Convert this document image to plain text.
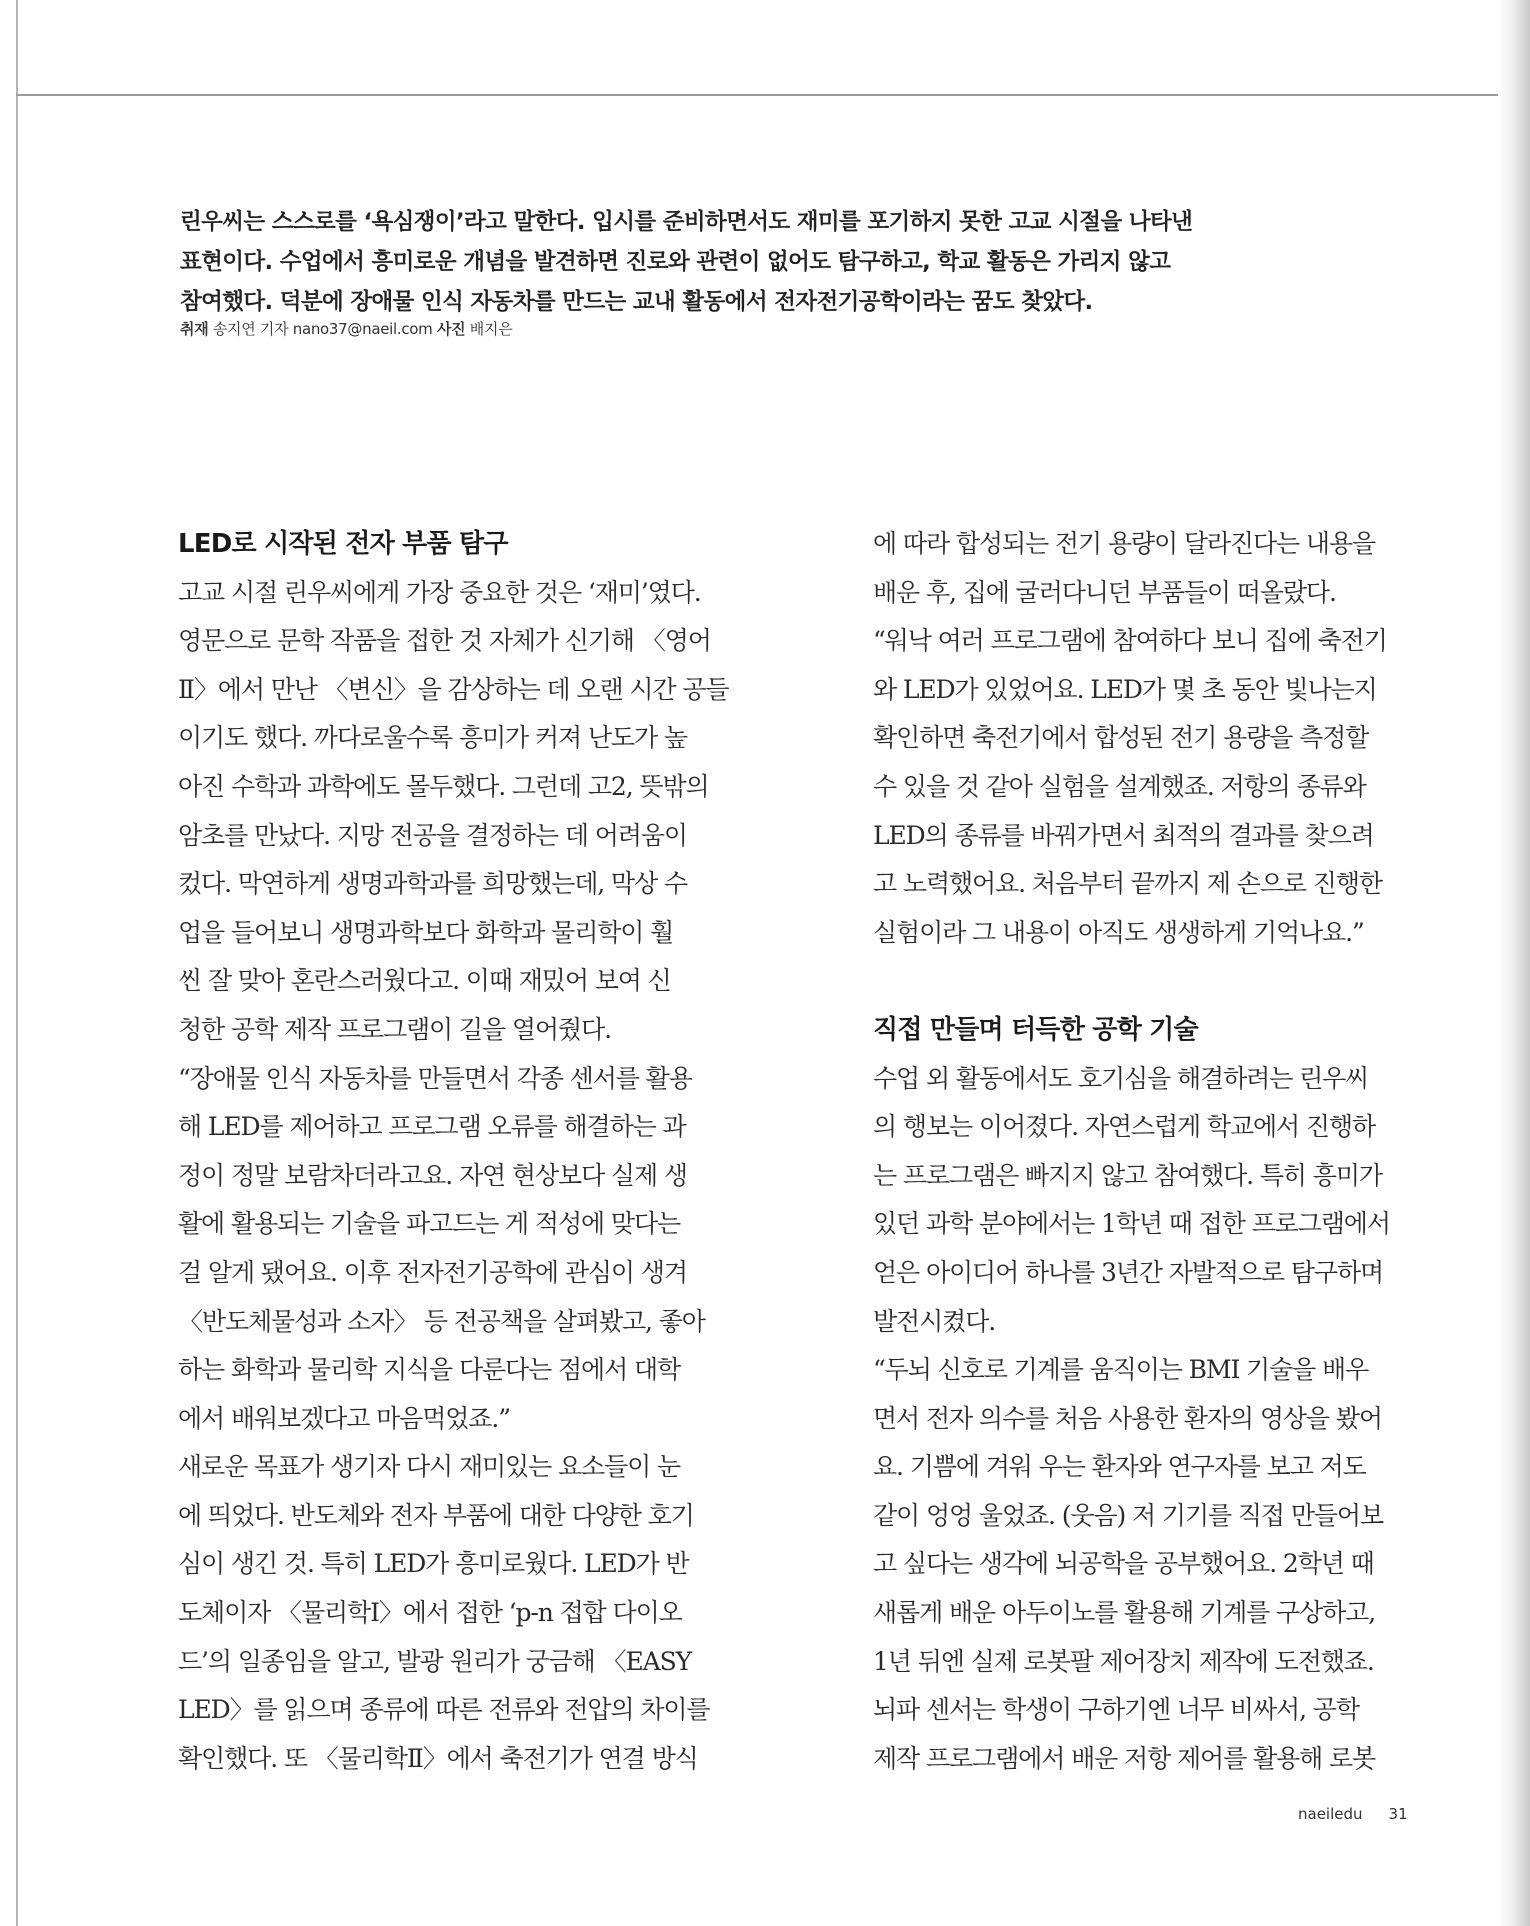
린우씨는 스스로를 ‘욕심쟁이’라고 말한다. 입시를 준비하면서도 재미를 포기하지 못한 고교 시절을 나타낸

표현이다. 수업에서 흥미로운 개념을 발견하면 진로와 관련이 없어도 탐구하고, 학교 활동은 가리지 않고

참여했다. 덕분에 장애물 인식 자동차를 만드는 교내 활동에서 전자전기공학이라는 꿈도 찾았다.

취재 송지연 기자 nano37@naeil.com 사진 배지은
LED로 시작된 전자 부품 탐구
고교 시절 린우씨에게 가장 중요한 것은 ‘재미’였다.
영문으로 문학 작품을 접한 것 자체가 신기해 〈영어
Ⅱ〉에서 만난 〈변신〉을 감상하는 데 오랜 시간 공들
이기도 했다. 까다로울수록 흥미가 커져 난도가 높
아진 수학과 과학에도 몰두했다. 그런데 고2, 뜻밖의
암초를 만났다. 지망 전공을 결정하는 데 어려움이
컸다. 막연하게 생명과학과를 희망했는데, 막상 수
업을 들어보니 생명과학보다 화학과 물리학이 훨
씬 잘 맞아 혼란스러웠다고. 이때 재밌어 보여 신
청한 공학 제작 프로그램이 길을 열어줬다.
“장애물 인식 자동차를 만들면서 각종 센서를 활용
해 LED를 제어하고 프로그램 오류를 해결하는 과
정이 정말 보람차더라고요. 자연 현상보다 실제 생
활에 활용되는 기술을 파고드는 게 적성에 맞다는
걸 알게 됐어요. 이후 전자전기공학에 관심이 생겨
〈반도체물성과 소자〉 등 전공책을 살펴봤고, 좋아
하는 화학과 물리학 지식을 다룬다는 점에서 대학
에서 배워보겠다고 마음먹었죠.”
새로운 목표가 생기자 다시 재미있는 요소들이 눈
에 띄었다. 반도체와 전자 부품에 대한 다양한 호기
심이 생긴 것. 특히 LED가 흥미로웠다. LED가 반
도체이자 〈물리학Ⅰ〉에서 접한 ‘p-n 접합 다이오
드’의 일종임을 알고, 발광 원리가 궁금해 〈EASY
LED〉를 읽으며 종류에 따른 전류와 전압의 차이를
확인했다. 또 〈물리학Ⅱ〉에서 축전기가 연결 방식
에 따라 합성되는 전기 용량이 달라진다는 내용을
배운 후, 집에 굴러다니던 부품들이 떠올랐다.
“워낙 여러 프로그램에 참여하다 보니 집에 축전기
와 LED가 있었어요. LED가 몇 초 동안 빛나는지
확인하면 축전기에서 합성된 전기 용량을 측정할
수 있을 것 같아 실험을 설계했죠. 저항의 종류와
LED의 종류를 바꿔가면서 최적의 결과를 찾으려
고 노력했어요. 처음부터 끝까지 제 손으로 진행한
실험이라 그 내용이 아직도 생생하게 기억나요.”
직접 만들며 터득한 공학 기술
수업 외 활동에서도 호기심을 해결하려는 린우씨
의 행보는 이어졌다. 자연스럽게 학교에서 진행하
는 프로그램은 빠지지 않고 참여했다. 특히 흥미가
있던 과학 분야에서는 1학년 때 접한 프로그램에서
얻은 아이디어 하나를 3년간 자발적으로 탐구하며
발전시켰다.
“두뇌 신호로 기계를 움직이는 BMI 기술을 배우
면서 전자 의수를 처음 사용한 환자의 영상을 봤어
요. 기쁨에 겨워 우는 환자와 연구자를 보고 저도
같이 엉엉 울었죠. (웃음) 저 기기를 직접 만들어보
고 싶다는 생각에 뇌공학을 공부했어요. 2학년 때
새롭게 배운 아두이노를 활용해 기계를 구상하고,
1년 뒤엔 실제 로봇팔 제어장치 제작에 도전했죠.
뇌파 센서는 학생이 구하기엔 너무 비싸서, 공학
제작 프로그램에서 배운 저항 제어를 활용해 로봇
naeiledu 31
